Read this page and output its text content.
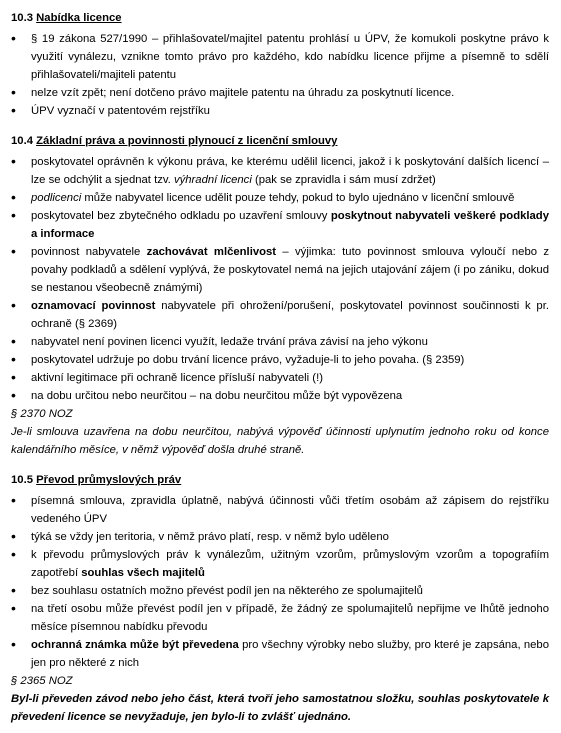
10.3 Nabídka licence
• § 19 zákona 527/1990 – přihlašovatel/majitel patentu prohlásí u ÚPV, že komukoli poskytne právo k využití vynálezu, vznikne tomto právo pro každého, kdo nabídku licence přijme a písemně to sdělí přihlašovateli/majiteli patentu
• nelze vzít zpět; není dotčeno právo majitele patentu na úhradu za poskytnutí licence.
• ÚPV vyznačí v patentovém rejstříku
10.4 Základní práva a povinnosti plynoucí z licenční smlouvy
• poskytovatel oprávněn k výkonu práva, ke kterému udělil licenci, jakož i k poskytování dalších licencí – lze se odchýlit a sjednat tzv. výhradní licenci (pak se zpravidla i sám musí zdržet)
• podlicenci může nabyvatel licence udělit pouze tehdy, pokud to bylo ujednáno v licenční smlouvě
• poskytovatel bez zbytečného odkladu po uzavření smlouvy poskytnout nabyvateli veškeré podklady a informace
• povinnost nabyvatele zachovávat mlčenlivost – výjimka: tuto povinnost smlouva vyloučí nebo z povahy podkladů a sdělení vyplývá, že poskytovatel nemá na jejich utajování zájem (i po zániku, dokud se nestanou všeobecně známými)
• oznamovací povinnost nabyvatele při ohrožení/porušení, poskytovatel povinnost součinnosti k pr. ochraně (§ 2369)
• nabyvatel není povinen licenci využít, ledaže trvání práva závisí na jeho výkonu
• poskytovatel udržuje po dobu trvání licence právo, vyžaduje-li to jeho povaha. (§ 2359)
• aktivní legitimace při ochraně licence přísluší nabyvateli (!)
• na dobu určitou nebo neurčitou – na dobu neurčitou může být vypovězena
§ 2370 NOZ
Je-li smlouva uzavřena na dobu neurčitou, nabývá výpověď účinnosti uplynutím jednoho roku od konce kalendářního měsíce, v němž výpověď došla druhé straně.
10.5 Převod průmyslových práv
• písemná smlouva, zpravidla úplatně, nabývá účinnosti vůči třetím osobám až zápisem do rejstříku vedeného ÚPV
• týká se vždy jen teritoria, v němž právo platí, resp. v němž bylo uděleno
• k převodu průmyslových práv k vynálezům, užitným vzorům, průmyslovým vzorům a topografiím zapotřebí souhlas všech majitelů
• bez souhlasu ostatních možno převést podíl jen na některého ze spolumajitelů
• na třetí osobu může převést podíl jen v případě, že žádný ze spolumajitelů nepřijme ve lhůtě jednoho měsíce písemnou nabídku převodu
• ochranná známka může být převedena pro všechny výrobky nebo služby, pro které je zapsána, nebo jen pro některé z nich
§ 2365 NOZ
Byl-li převeden závod nebo jeho část, která tvoří jeho samostatnou složku, souhlas poskytovatele k převedení licence se nevyžaduje, jen bylo-li to zvlášť ujednáno.
